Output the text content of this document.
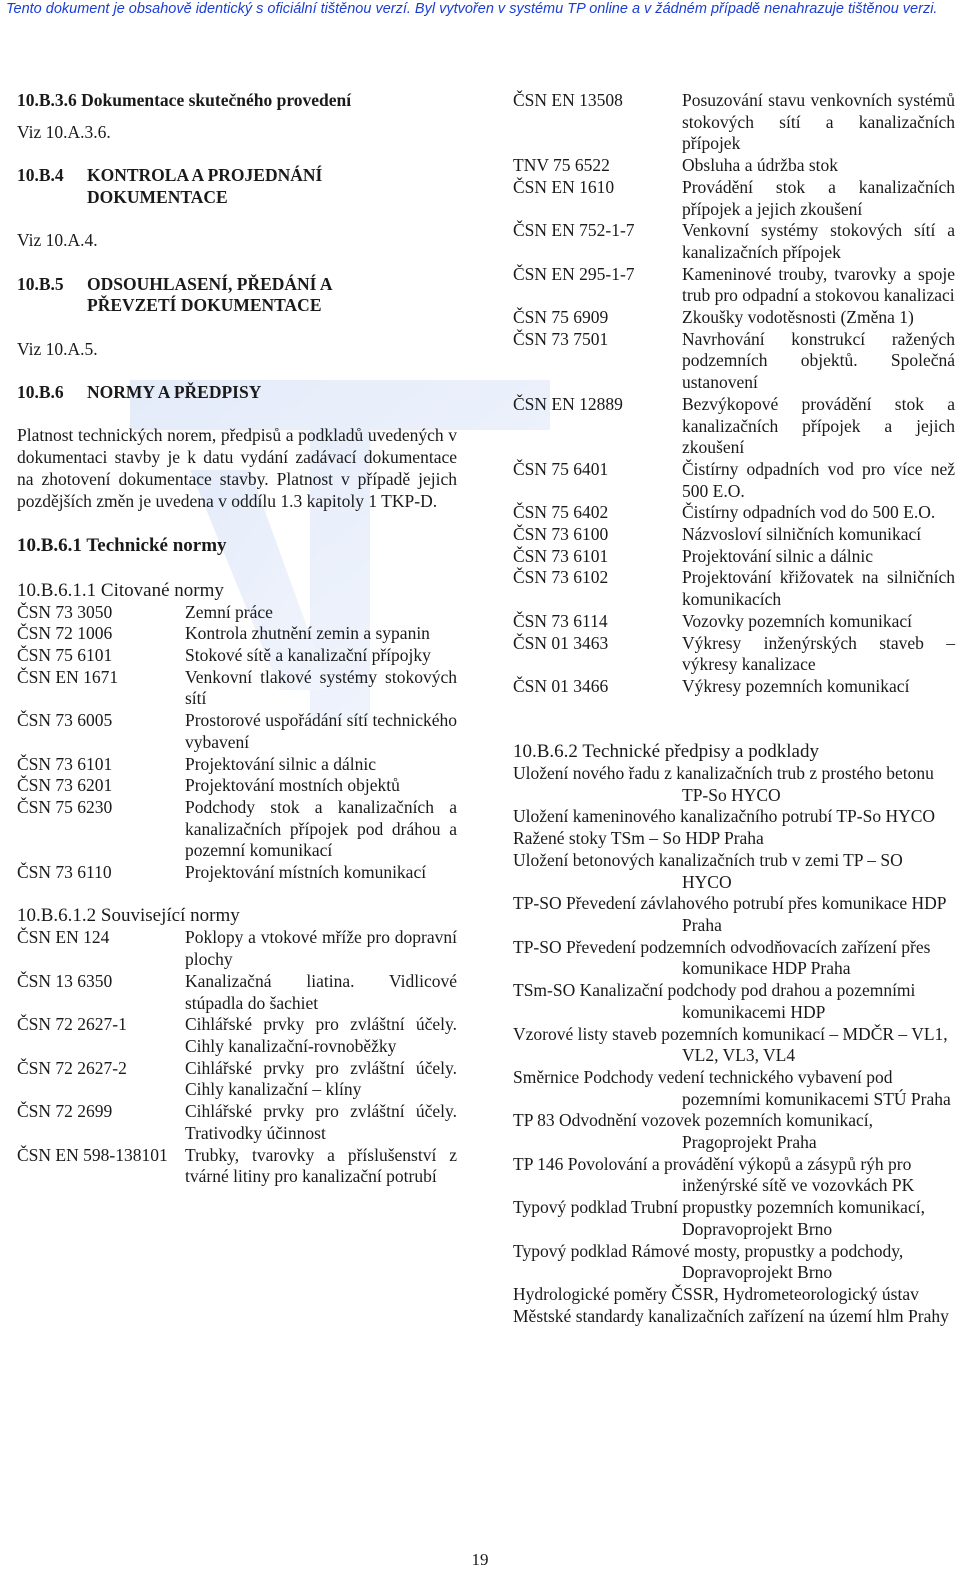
Tento dokument je obsahově identický s oficiální tištěnou verzí. Byl vytvořen v systému TP online a v žádném případě nenahrazuje tištěnou verzi.
10.B.3.6 Dokumentace skutečného provedení
Viz 10.A.3.6.
10.B.4	KONTROLA A PROJEDNÁNÍ DOKUMENTACE
Viz 10.A.4.
10.B.5	ODSOUHLASENÍ, PŘEDÁNÍ A PŘEVZETÍ DOKUMENTACE
Viz 10.A.5.
10.B.6	NORMY A PŘEDPISY
Platnost technických norem, předpisů a podkladů uvedených v dokumentaci stavby je k datu vydání zadávací dokumentace na zhotovení dokumentace stavby. Platnost v případě jejich pozdějších změn je uvedena v oddílu 1.3 kapitoly 1 TKP-D.
10.B.6.1 Technické normy
10.B.6.1.1 Citované normy
ČSN 73 3050	Zemní práce
ČSN 72 1006	Kontrola zhutnění zemin a sypanin
ČSN 75 6101	Stokové sítě a kanalizační přípojky
ČSN EN 1671	Venkovní tlakové systémy stokových sítí
ČSN 73 6005	Prostorové uspořádání sítí technického vybavení
ČSN 73 6101	Projektování silnic a dálnic
ČSN 73 6201	Projektování mostních objektů
ČSN 75 6230	Podchody stok a kanalizačních a kanalizačních přípojek pod dráhou a pozemní komunikací
ČSN 73 6110	Projektování místních komunikací
10.B.6.1.2 Související normy
ČSN EN 124	Poklopy a vtokové mříže pro dopravní plochy
ČSN 13 6350	Kanalizačná liatina. Vidlicové stúpadla do šachiet
ČSN 72 2627-1	Cihlářské prvky pro zvláštní účely. Cihly kanalizační-rovnoběžky
ČSN 72 2627-2	Cihlářské prvky pro zvláštní účely. Cihly kanalizační – klíny
ČSN 72 2699	Cihlářské prvky pro zvláštní účely. Trativodky účinnost
ČSN EN 598-138101 Trubky, tvarovky a příslušenství z tvárné litiny pro kanalizační potrubí
ČSN EN 13508	Posuzování stavu venkovních systémů stokových sítí a kanalizačních přípojek
TNV 75 6522	Obsluha a údržba stok
ČSN EN 1610	Provádění stok a kanalizačních přípojek a jejich zkoušení
ČSN EN 752-1-7	Venkovní systémy stokových sítí a kanalizačních přípojek
ČSN EN 295-1-7	Kameninové trouby, tvarovky a spoje trub pro odpadní a stokovou kanalizaci
ČSN 75 6909	Zkoušky vodotěsnosti (Změna 1)
ČSN 73 7501	Navrhování konstrukcí ražených podzemních objektů. Společná ustanovení
ČSN EN 12889	Bezvýkopové provádění stok a kanalizačních přípojek a jejich zkoušení
ČSN 75 6401	Čistírny odpadních vod pro více než 500 E.O.
ČSN 75 6402	Čistírny odpadních vod do 500 E.O.
ČSN 73 6100	Názvosloví silničních komunikací
ČSN 73 6101	Projektování silnic a dálnic
ČSN 73 6102	Projektování křižovatek na silničních komunikacích
ČSN 73 6114	Vozovky pozemních komunikací
ČSN 01 3463	Výkresy inženýrských staveb – výkresy kanalizace
ČSN 01 3466	Výkresy pozemních komunikací
10.B.6.2 Technické předpisy a podklady
Uložení nového řadu z kanalizačních trub z prostého betonu TP-So HYCO
Uložení kameninového kanalizačního potrubí TP-So HYCO
Ražené stoky TSm – So HDP Praha
Uložení betonových kanalizačních trub v zemi TP – SO HYCO
TP-SO Převedení závlahového potrubí přes komunikace HDP Praha
TP-SO Převedení podzemních odvodňovacích zařízení přes komunikace HDP Praha
TSm-SO Kanalizační podchody pod drahou a pozemními komunikacemi HDP
Vzorové listy staveb pozemních komunikací – MDČR – VL1, VL2, VL3, VL4
Směrnice Podchody vedení technického vybavení pod pozemními komunikacemi STÚ Praha
TP 83 Odvodnění vozovek pozemních komunikací, Pragoprojekt Praha
TP 146 Povolování a provádění výkopů a zásypů rýh pro inženýrské sítě ve vozovkách PK
Typový podklad Trubní propustky pozemních komunikací, Dopravoprojekt Brno
Typový podklad Rámové mosty, propustky a podchody, Dopravoprojekt Brno
Hydrologické poměry ČSSR, Hydrometeorologický ústav
Městské standardy kanalizačních zařízení na území hlm Prahy
19
